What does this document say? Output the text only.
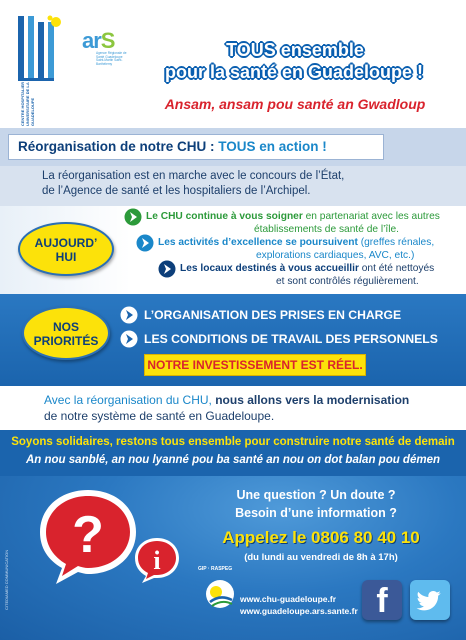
CENTRE HOSPITALIER UNIVERSITAIRE DE LA GUADELOUPE
arS
Agence Régionale de Santé Guadeloupe Saint-Martin Saint-Barthélemy
TOUS ensemble
pour la santé en Guadeloupe !
Ansam, ansam pou santé an Gwadloup
Réorganisation de notre CHU : TOUS en action !
La réorganisation est en marche avec le concours de l’État,
de l’Agence de santé et les hospitaliers de l’Archipel.
AUJOURD’
HUI
Le CHU continue à vous soigner en partenariat avec les autres
établissements de santé de l’île.
Les activités d’excellence se poursuivent (greffes rénales,
explorations cardiaques, AVC, etc.)
Les locaux destinés à vous accueillir ont été nettoyés
et sont contrôlés régulièrement.
NOS
PRIORITÉS
L’ORGANISATION DES PRISES EN CHARGE
LES CONDITIONS DE TRAVAIL DES PERSONNELS
NOTRE INVESTISSEMENT EST RÉEL.
Avec la réorganisation du CHU, nous allons vers la modernisation
de notre système de santé en Guadeloupe.
Soyons solidaires, restons tous ensemble pour construire notre santé de demain
An nou sanblé, an nou lyanné pou ba santé an nou on dot balan pou démen
CITEDIAMED COMMUNICATION
? i
Une question ? Un doute ?
Besoin d’une information ?
Appelez le 0806 80 40 10
(du lundi au vendredi de 8h à 17h)
GIP · RASPEG
www.chu-guadeloupe.fr
www.guadeloupe.ars.sante.fr f
